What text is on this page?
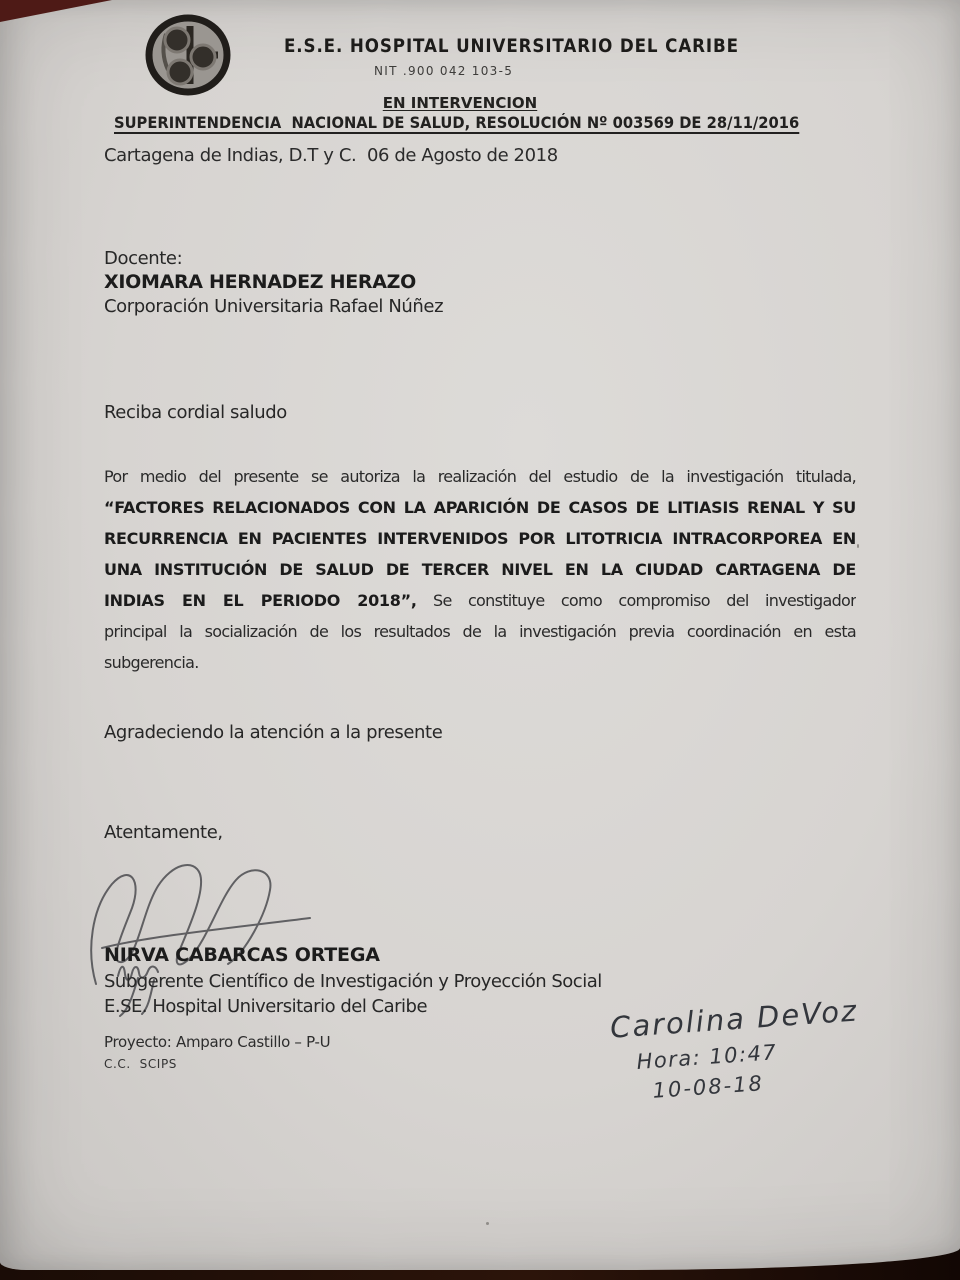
E.S.E. HOSPITAL UNIVERSITARIO DEL CARIBE
NIT .900 042 103-5
EN INTERVENCION
SUPERINTENDENCIA  NACIONAL DE SALUD, RESOLUCIÓN Nº 003569 DE 28/11/2016
Cartagena de Indias, D.T y C.  06 de Agosto de 2018
Docente:
XIOMARA HERNADEZ HERAZO
Corporación Universitaria Rafael Núñez
Reciba cordial saludo
Por medio del presente se autoriza la realización del estudio de la investigación titulada,
“FACTORES RELACIONADOS CON LA APARICIÓN DE CASOS DE LITIASIS RENAL Y SU
RECURRENCIA EN PACIENTES INTERVENIDOS POR LITOTRICIA INTRACORPOREA EN
UNA INSTITUCIÓN DE SALUD DE TERCER NIVEL EN LA CIUDAD CARTAGENA DE
INDIAS EN EL PERIODO 2018”, Se constituye como compromiso del investigador
principal la socialización de los resultados de la investigación previa coordinación en esta
subgerencia.
Agradeciendo la atención a la presente
Atentamente,
NIRVA CABARCAS ORTEGA
Subgerente Científico de Investigación y Proyección Social
E.SE. Hospital Universitario del Caribe
Proyecto: Amparo Castillo – P-U
C.C.  SCIPS
Carolina DeVoz
Hora: 10:47
10-08-18
